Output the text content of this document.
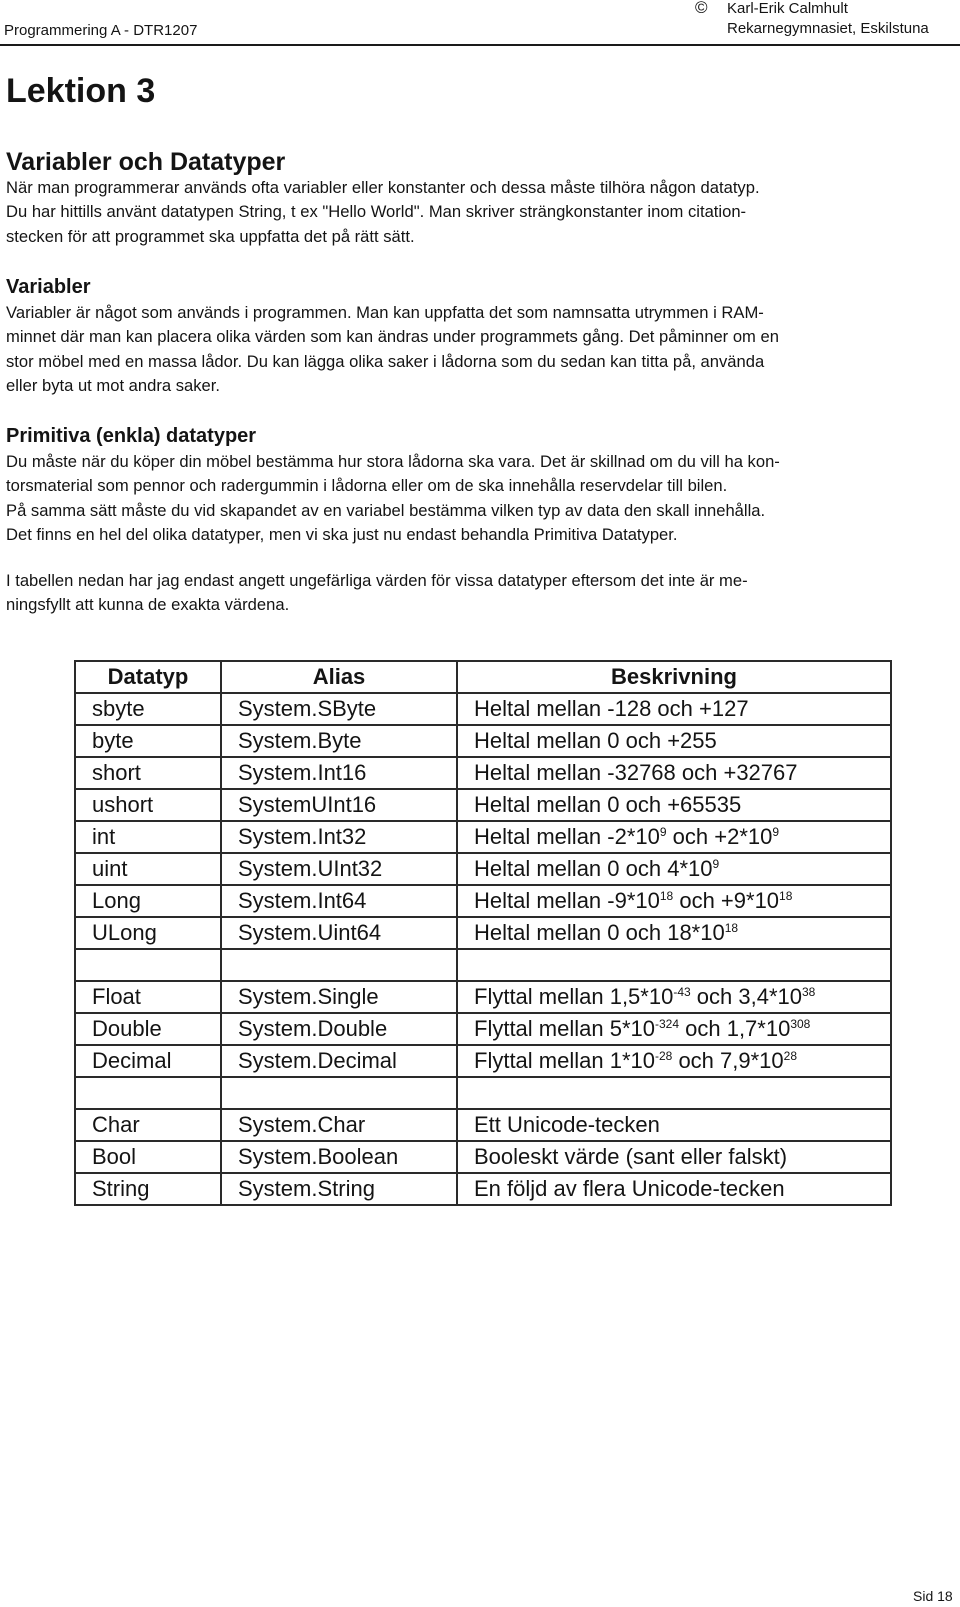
Programmering A - DTR1207
© Karl-Erik Calmhult
Rekarnegymnasiet, Eskilstuna
Lektion 3
Variabler och Datatyper
När man programmerar används ofta variabler eller konstanter och dessa måste tilhöra någon datatyp.
Du har hittills använt datatypen String, t ex "Hello World". Man skriver strängkonstanter inom citation-
stecken för att programmet ska uppfatta det på rätt sätt.
Variabler
Variabler är något som används i programmen. Man kan uppfatta det som namnsatta utrymmen i RAM-
minnet där man kan placera olika värden som kan ändras under programmets gång. Det påminner om en
stor möbel med en massa lådor. Du kan lägga olika saker i lådorna som du sedan kan titta på, använda
eller byta ut mot andra saker.
Primitiva (enkla) datatyper
Du måste när du köper din möbel bestämma hur stora lådorna ska vara. Det är skillnad om du vill ha kon-
torsmaterial som pennor och radergummin i lådorna eller om de ska innehålla reservdelar till bilen.
På samma sätt måste du vid skapandet av en variabel bestämma vilken typ av data den skall innehålla.
Det finns en hel del olika datatyper, men vi ska just nu endast behandla Primitiva Datatyper.
I tabellen nedan har jag endast angett ungefärliga värden för vissa datatyper eftersom det inte är me-
ningsfyllt att kunna de exakta värdena.
Datatyp	Alias	Beskrivning
sbyte	System.SByte	Heltal mellan -128 och +127
byte	System.Byte	Heltal mellan 0 och +255
short	System.Int16	Heltal mellan -32768 och +32767
ushort	SystemUInt16	Heltal mellan 0 och +65535
int	System.Int32	Heltal mellan $-2*10^9$ och $+2*10^9$
uint	System.UInt32	Heltal mellan 0 och $4*10^9$
Long	System.Int64	Heltal mellan $-9*10^{18}$ och $+9*10^{18}$
ULong	System.Uint64	Heltal mellan 0 och $18*10^{18}$

Float	System.Single	Flyttal mellan $1,5*10^{-43}$ och $3,4*10^{38}$
Double	System.Double	Flyttal mellan $5*10^{-324}$ och $1,7*10^{308}$
Decimal	System.Decimal	Flyttal mellan $1*10^{-28}$ och $7,9*10^{28}$

Char	System.Char	Ett Unicode-tecken
Bool	System.Boolean	Booleskt värde (sant eller falskt)
String	System.String	En följd av flera Unicode-tecken
Sid 18
